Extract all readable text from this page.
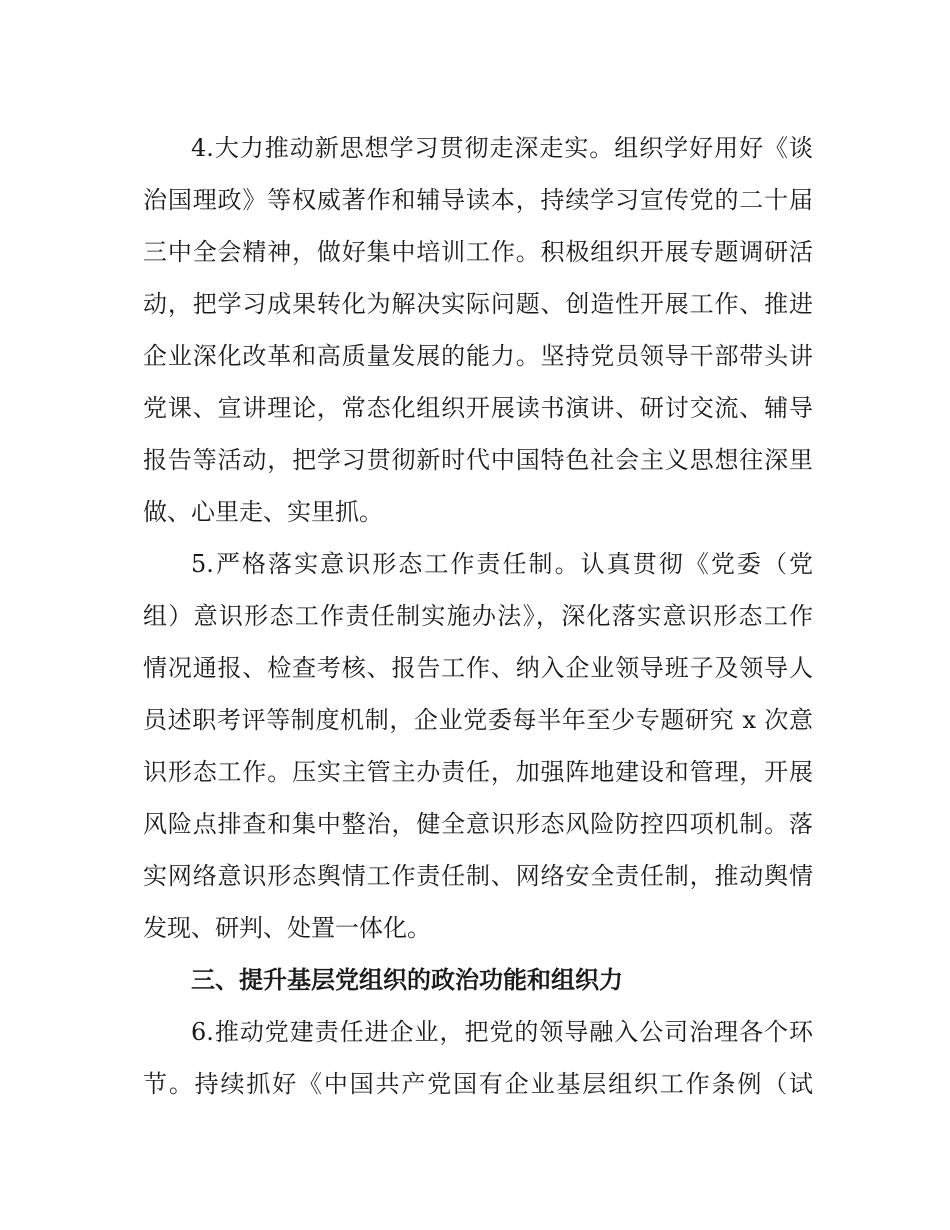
4.大力推动新思想学习贯彻走深走实。组织学好用好《谈
治国理政》等权威著作和辅导读本，持续学习宣传党的二十届
三中全会精神，做好集中培训工作。积极组织开展专题调研活
动，把学习成果转化为解决实际问题、创造性开展工作、推进
企业深化改革和高质量发展的能力。坚持党员领导干部带头讲
党课、宣讲理论，常态化组织开展读书演讲、研讨交流、辅导
报告等活动，把学习贯彻新时代中国特色社会主义思想往深里
做、心里走、实里抓。
5.严格落实意识形态工作责任制。认真贯彻《党委（党
组）意识形态工作责任制实施办法》，深化落实意识形态工作
情况通报、检查考核、报告工作、纳入企业领导班子及领导人
员述职考评等制度机制，企业党委每半年至少专题研究 x 次意
识形态工作。压实主管主办责任，加强阵地建设和管理，开展
风险点排查和集中整治，健全意识形态风险防控四项机制。落
实网络意识形态舆情工作责任制、网络安全责任制，推动舆情
发现、研判、处置一体化。
三、提升基层党组织的政治功能和组织力
6.推动党建责任进企业，把党的领导融入公司治理各个环
节。持续抓好《中国共产党国有企业基层组织工作条例（试
